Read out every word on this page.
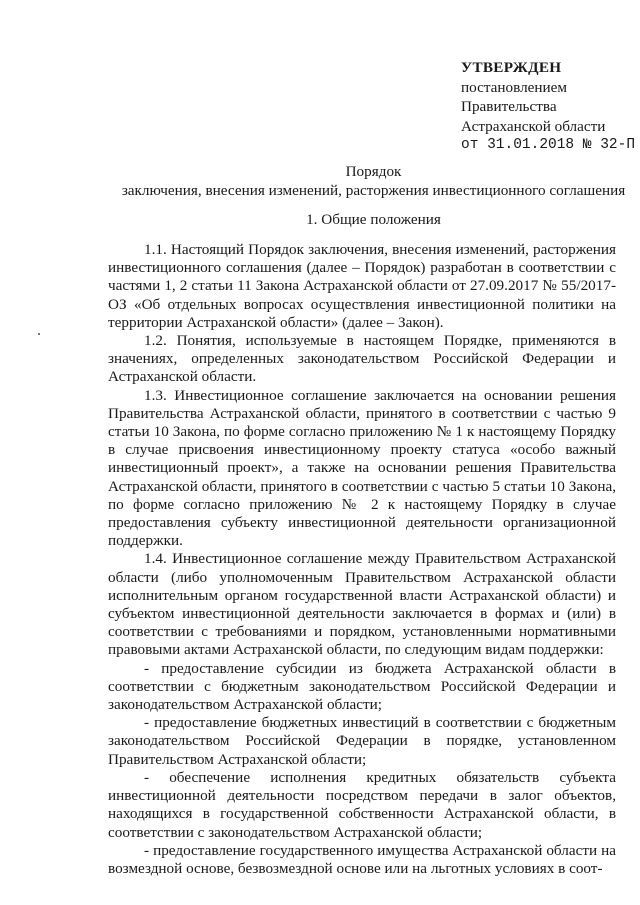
УТВЕРЖДЕН
постановлением
Правительства
Астраханской области
от 31.01.2018 № 32-П
Порядок
заключения, внесения изменений, расторжения инвестиционного соглашения
1. Общие положения

1.1. Настоящий Порядок заключения, внесения изменений, расторжения инвестиционного соглашения (далее – Порядок) разработан в соответствии с частями 1, 2 статьи 11 Закона Астраханской области от 27.09.2017 № 55/2017-ОЗ «Об отдельных вопросах осуществления инвестиционной политики на территории Астраханской области» (далее – Закон).

1.2. Понятия, используемые в настоящем Порядке, применяются в значениях, определенных законодательством Российской Федерации и Астраханской области.

1.3. Инвестиционное соглашение заключается на основании решения Правительства Астраханской области, принятого в соответствии с частью 9 статьи 10 Закона, по форме согласно приложению № 1 к настоящему Порядку в случае присвоения инвестиционному проекту статуса «особо важный инвестиционный проект», а также на основании решения Правительства Астраханской области, принятого в соответствии с частью 5 статьи 10 Закона, по форме согласно приложению № 2 к настоящему Порядку в случае предоставления субъекту инвестиционной деятельности организационной поддержки.

1.4. Инвестиционное соглашение между Правительством Астраханской области (либо уполномоченным Правительством Астраханской области исполнительным органом государственной власти Астраханской области) и субъектом инвестиционной деятельности заключается в формах и (или) в соответствии с требованиями и порядком, установленными нормативными правовыми актами Астраханской области, по следующим видам поддержки:

- предоставление субсидии из бюджета Астраханской области в соответствии с бюджетным законодательством Российской Федерации и законодательством Астраханской области;

- предоставление бюджетных инвестиций в соответствии с бюджетным законодательством Российской Федерации в порядке, установленном Правительством Астраханской области;

- обеспечение исполнения кредитных обязательств субъекта инвестиционной деятельности посредством передачи в залог объектов, находящихся в государственной собственности Астраханской области, в соответствии с законодательством Астраханской области;

- предоставление государственного имущества Астраханской области на возмездной основе, безвозмездной основе или на льготных условиях в соот-
